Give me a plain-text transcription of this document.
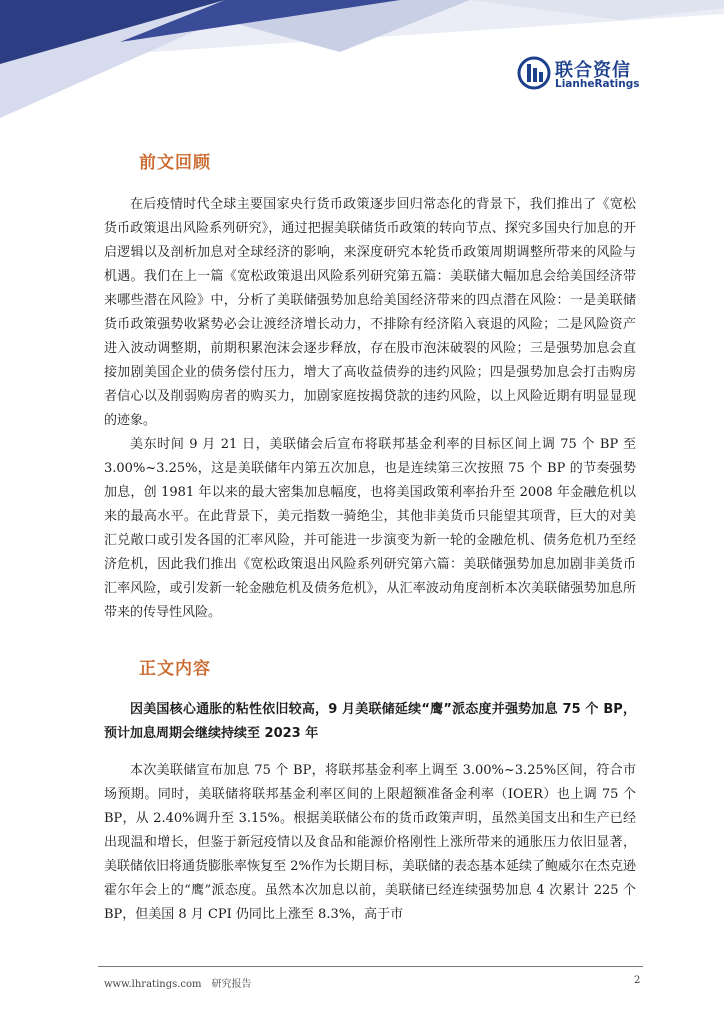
联合资信
LianheRatings
前文回顾

在后疫情时代全球主要国家央行货币政策逐步回归常态化的背景下，我们推出了《宽松货币政策退出风险系列研究》，通过把握美联储货币政策的转向节点、探究多国央行加息的开启逻辑以及剖析加息对全球经济的影响，来深度研究本轮货币政策周期调整所带来的风险与机遇。我们在上一篇《宽松政策退出风险系列研究第五篇：美联储大幅加息会给美国经济带来哪些潜在风险》中，分析了美联储强势加息给美国经济带来的四点潜在风险：一是美联储货币政策强势收紧势必会让渡经济增长动力，不排除有经济陷入衰退的风险；二是风险资产进入波动调整期，前期积累泡沫会逐步释放，存在股市泡沫破裂的风险；三是强势加息会直接加剧美国企业的债务偿付压力，增大了高收益债券的违约风险；四是强势加息会打击购房者信心以及削弱购房者的购买力，加剧家庭按揭贷款的违约风险，以上风险近期有明显显现的迹象。

美东时间 9 月 21 日，美联储会后宣布将联邦基金利率的目标区间上调 75 个 BP 至 3.00%~3.25%，这是美联储年内第五次加息，也是连续第三次按照 75 个 BP 的节奏强势加息，创 1981 年以来的最大密集加息幅度，也将美国政策利率抬升至 2008 年金融危机以来的最高水平。在此背景下，美元指数一骑绝尘，其他非美货币只能望其项背，巨大的对美汇兑敞口或引发各国的汇率风险，并可能进一步演变为新一轮的金融危机、债务危机乃至经济危机，因此我们推出《宽松政策退出风险系列研究第六篇：美联储强势加息加剧非美货币汇率风险，或引发新一轮金融危机及债务危机》，从汇率波动角度剖析本次美联储强势加息所带来的传导性风险。

正文内容

因美国核心通胀的粘性依旧较高，9 月美联储延续“鹰”派态度并强势加息 75 个 BP，预计加息周期会继续持续至 2023 年

本次美联储宣布加息 75 个 BP，将联邦基金利率上调至 3.00%~3.25%区间，符合市场预期。同时，美联储将联邦基金利率区间的上限超额准备金利率（IOER）也上调 75 个 BP，从 2.40%调升至 3.15%。根据美联储公布的货币政策声明，虽然美国支出和生产已经出现温和增长，但鉴于新冠疫情以及食品和能源价格刚性上涨所带来的通胀压力依旧显著，美联储依旧将通货膨胀率恢复至 2%作为长期目标，美联储的表态基本延续了鲍威尔在杰克逊霍尔年会上的“鹰”派态度。虽然本次加息以前，美联储已经连续强势加息 4 次累计 225 个 BP，但美国 8 月 CPI 仍同比上涨至 8.3%，高于市

www.lhratings.com　研究报告	2
